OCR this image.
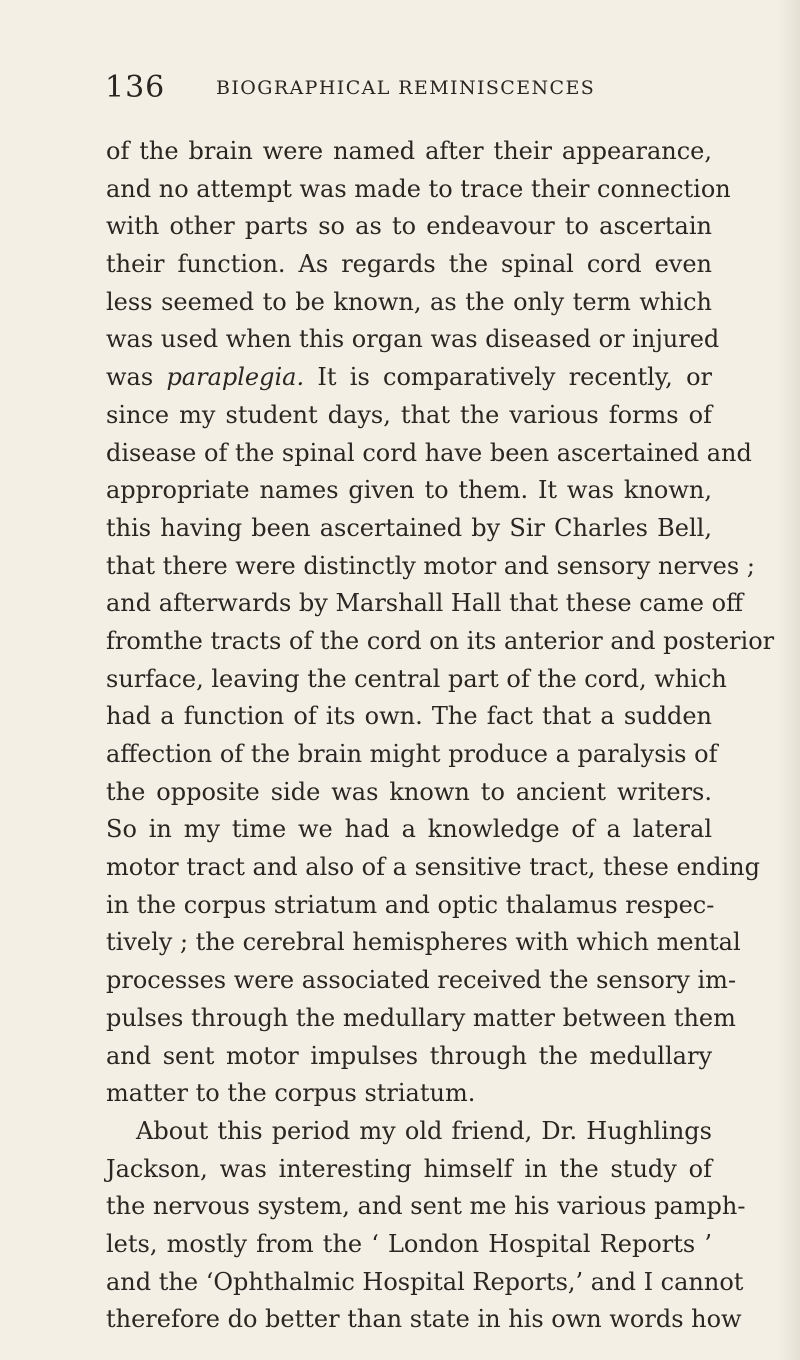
136	BIOGRAPHICAL REMINISCENCES
of the brain were named after their appearance,
and no attempt was made to trace their connection
with other parts so as to endeavour to ascertain
their function. As regards the spinal cord even
less seemed to be known, as the only term which
was used when this organ was diseased or injured
was paraplegia. It is comparatively recently, or
since my student days, that the various forms of
disease of the spinal cord have been ascertained and
appropriate names given to them. It was known,
this having been ascertained by Sir Charles Bell,
that there were distinctly motor and sensory nerves ;
and afterwards by Marshall Hall that these came off
fromthe tracts of the cord on its anterior and posterior
surface, leaving the central part of the cord, which
had a function of its own. The fact that a sudden
affection of the brain might produce a paralysis of
the opposite side was known to ancient writers.
So in my time we had a knowledge of a lateral
motor tract and also of a sensitive tract, these ending
in the corpus striatum and optic thalamus respec-
tively ; the cerebral hemispheres with which mental
processes were associated received the sensory im-
pulses through the medullary matter between them
and sent motor impulses through the medullary
matter to the corpus striatum.
About this period my old friend, Dr. Hughlings
Jackson, was interesting himself in the study of
the nervous system, and sent me his various pamph-
lets, mostly from the ‘ London Hospital Reports ’
and the ‘Ophthalmic Hospital Reports,’ and I cannot
therefore do better than state in his own words how
